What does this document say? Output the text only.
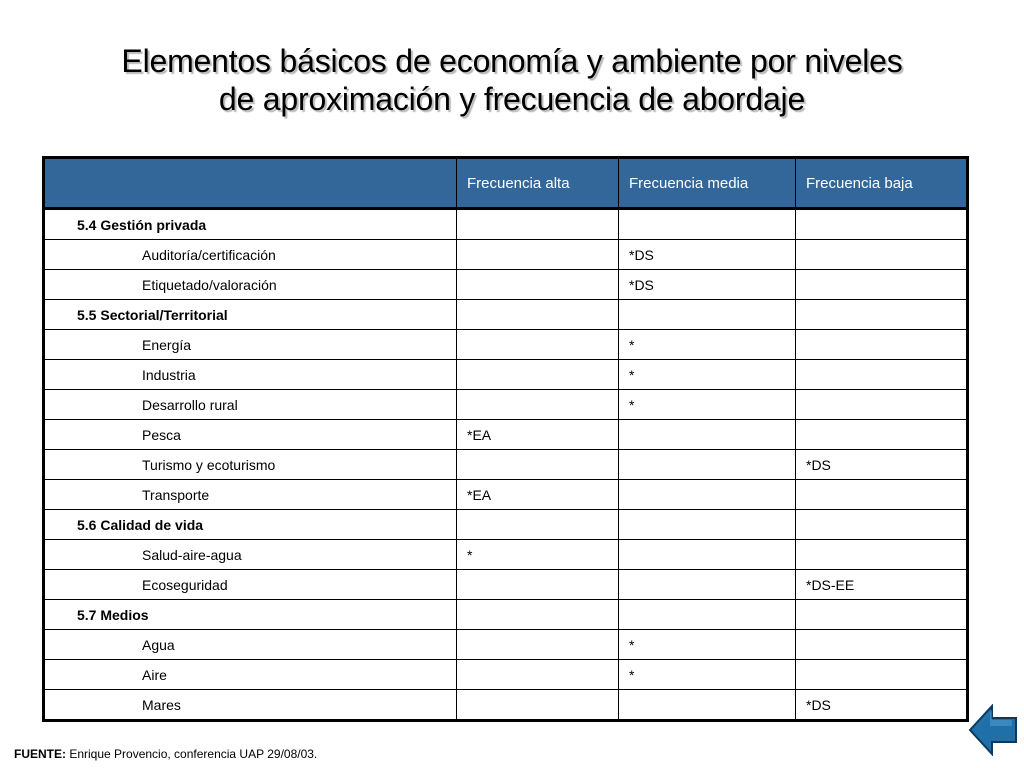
Elementos básicos de economía y ambiente por niveles
de aproximación y frecuencia de abordaje
	Frecuencia alta	Frecuencia media	Frecuencia baja
5.4 Gestión privada			
Auditoría/certificación		*DS	
Etiquetado/valoración		*DS	
5.5 Sectorial/Territorial			
Energía		*	
Industria		*	
Desarrollo rural		*	
Pesca	*EA		
Turismo y ecoturismo			*DS
Transporte	*EA		
5.6 Calidad de vida			
Salud-aire-agua	*		
Ecoseguridad			*DS-EE
5.7 Medios			
Agua		*	
Aire		*	
Mares			*DS
FUENTE: Enrique Provencio, conferencia UAP 29/08/03.
